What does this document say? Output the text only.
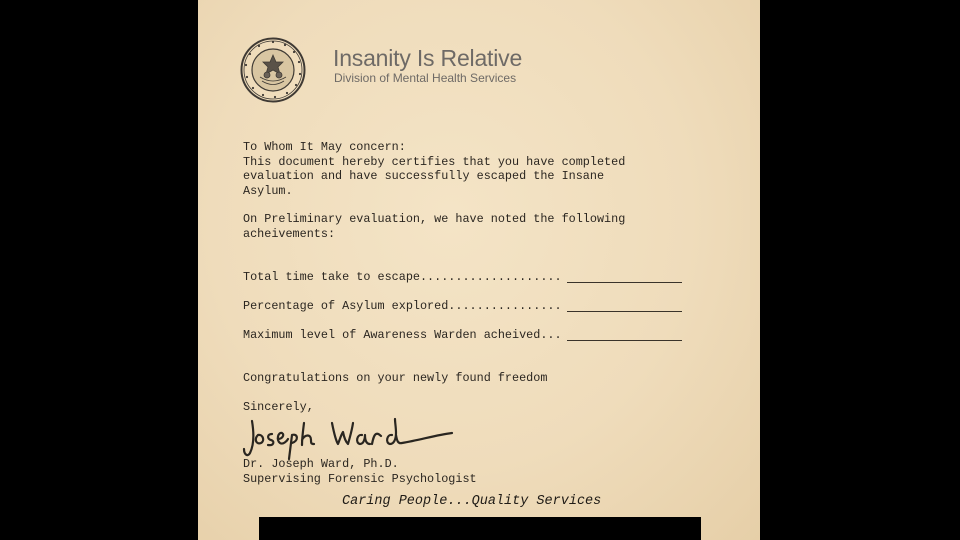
Insanity Is Relative
Division of Mental Health Services
To Whom It May concern:
This document hereby certifies that you have completed
evaluation and have successfully escaped the Insane
Asylum.
On Preliminary evaluation, we have noted the following
acheivements:
Total time take to escape....................
Percentage of Asylum explored................
Maximum level of Awareness Warden acheived...
Congratulations on your newly found freedom
Sincerely,
Dr. Joseph Ward, Ph.D.
Supervising Forensic Psychologist
Caring People...Quality Services
